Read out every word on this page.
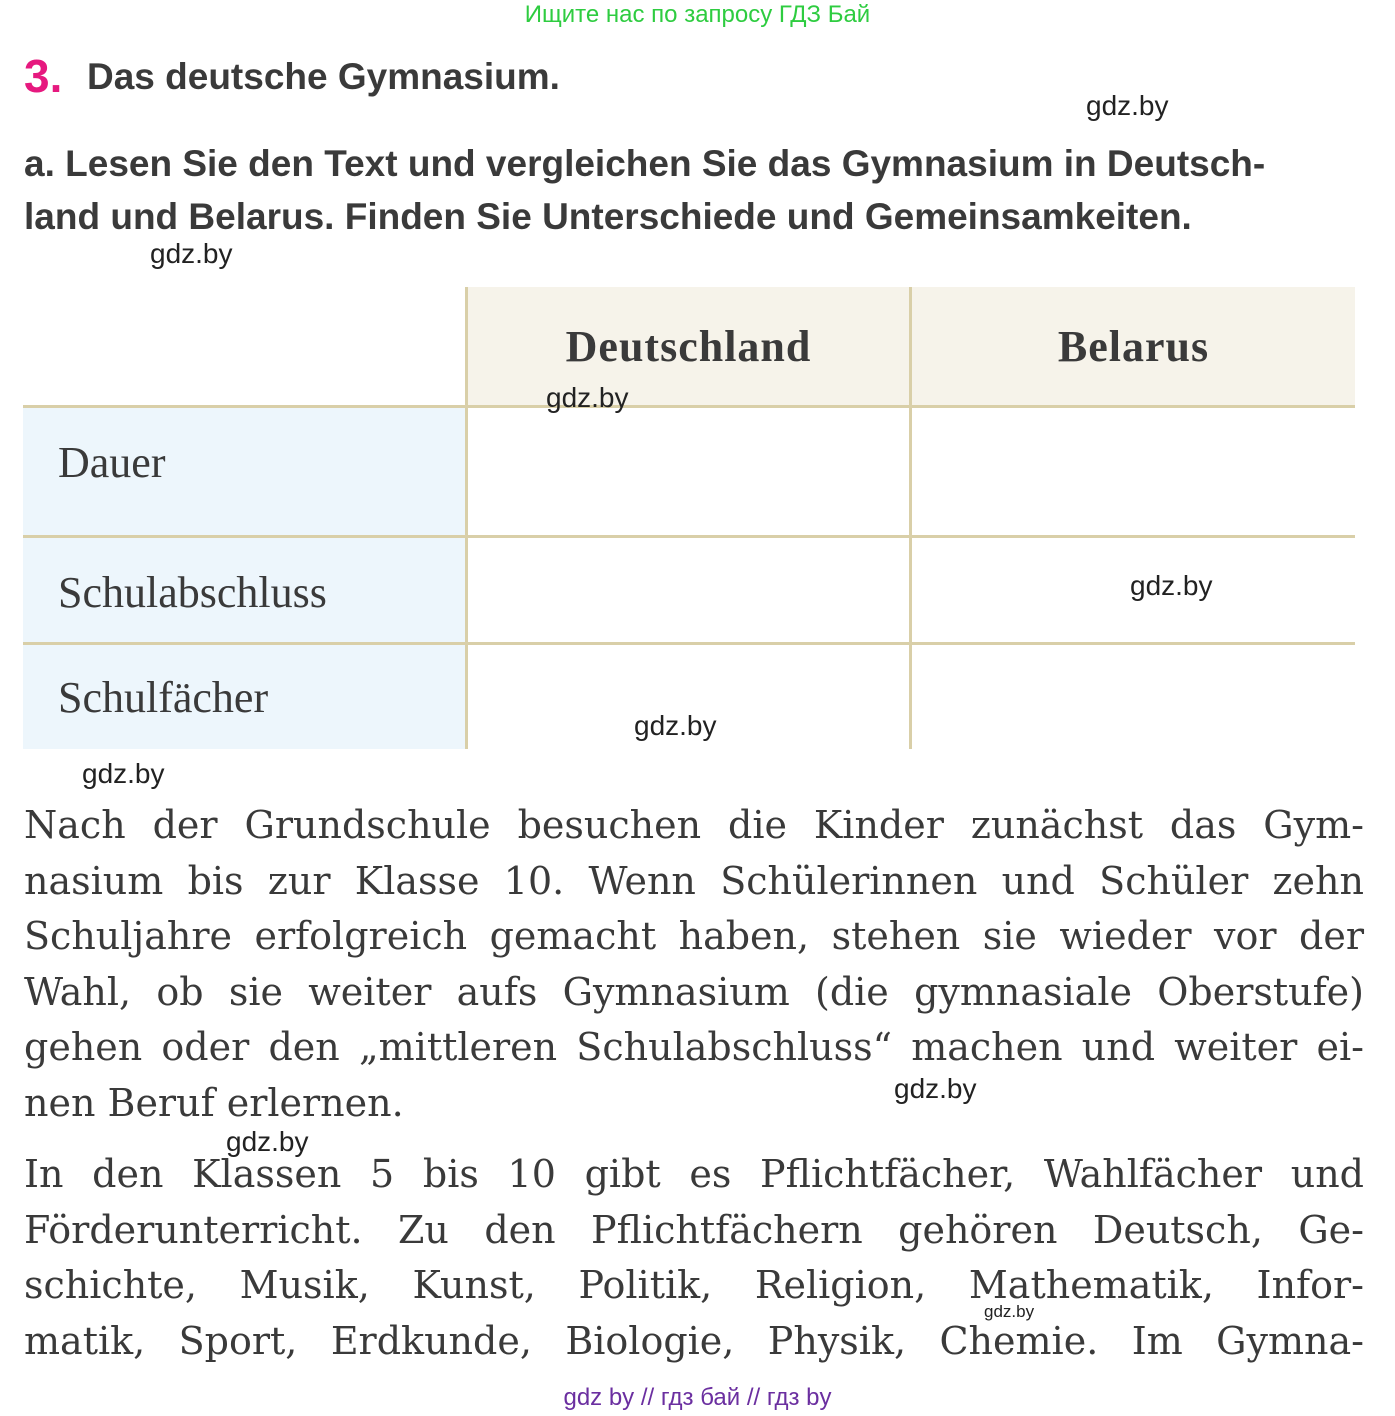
Ищите нас по запросу ГДЗ Бай
3. Das deutsche Gymnasium.
gdz.by
a. Lesen Sie den Text und vergleichen Sie das Gymnasium in Deutsch-
land und Belarus. Finden Sie Unterschiede und Gemeinsamkeiten.
gdz.by
Deutschland	Belarus
Dauer
Schulabschluss
Schulfächer
gdz.by
gdz.by
gdz.by
gdz.by
Nach der Grundschule besuchen die Kinder zunächst das Gym-
nasium bis zur Klasse 10. Wenn Schülerinnen und Schüler zehn
Schuljahre erfolgreich gemacht haben, stehen sie wieder vor der
Wahl, ob sie weiter aufs Gymnasium (die gymnasiale Oberstufe)
gehen oder den „mittleren Schulabschluss“ machen und weiter ei-
nen Beruf erlernen.	gdz.by
gdz.by
In den Klassen 5 bis 10 gibt es Pflichtfächer, Wahlfächer und
Förderunterricht. Zu den Pflichtfächern gehören Deutsch, Ge-
schichte, Musik, Kunst, Politik, Religion, Mathematik, Infor-
matik, Sport, Erdkunde, Biologie, Physik, Chemie. Im Gymna-
gdz.by
gdz by // гдз бай // гдз by
